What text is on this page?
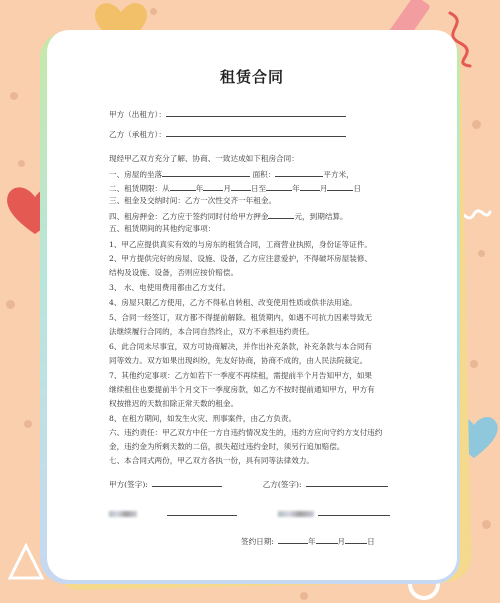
租赁合同
甲方（出租方）：
乙方（承租方）：
现经甲乙双方充分了解、协商、一致达成如下租房合同：
一、房屋的坐落	面积：	平方米，
二、租赁期限：从	年	月	日至	年	月	日
三、租金及交纳时间：乙方一次性交齐一年租金。
四、租房押金：乙方应于签约同时付给甲方押金	元，到期结算。
五、租赁期间的其他约定事项：
1、甲乙应提供真实有效的与房东的租赁合同，工商营业执照，身份证等证件。
2、甲方提供完好的房屋、设施、设备，乙方应注意爱护，不得破坏房屋装修、
结构及设施、设备，否则应按价赔偿。
3、 水、电使用费用都由乙方支付。
4、房屋只限乙方使用，乙方不得私自转租、改变使用性质或供非法用途。
5、合同一经签订，双方都不得提前解除。租赁期内，如遇不可抗力因素导致无
法继续履行合同的，本合同自然终止，双方不承担违约责任。
6、此合同未尽事宜，双方可协商解决，并作出补充条款，补充条款与本合同有
同等效力。双方如果出现纠纷，先友好协商，协商不成的，由人民法院裁定。
7、其他约定事项：乙方如若下一季度不再续租，需提前半个月告知甲方，如果
继续租住也要提前半个月交下一季度房款，如乙方不按时提前通知甲方，甲方有
权按推迟的天数扣除正常天数的租金。
8、在租方期间，如发生火灾、刑事案件，由乙方负责。
六、违约责任：甲乙双方中任一方自违约情况发生的，违约方应向守约方支付违约
金，违约金为所剩天数的二倍，损失超过违约金时，须另行追加赔偿。
七、本合同式两份，甲乙双方各执一份，具有同等法律效力。
甲方(签字):	乙方(签字):

签约日期:	年	月	日
